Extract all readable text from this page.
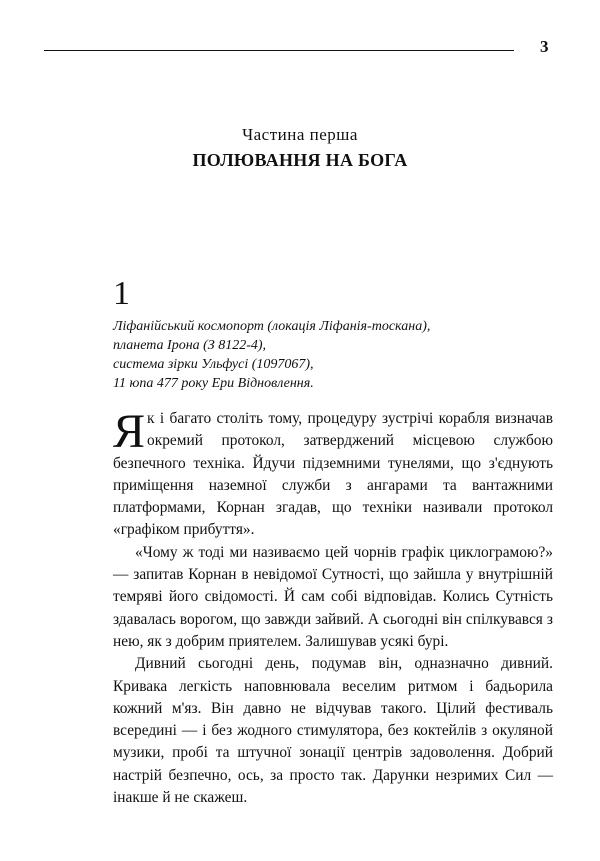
3
Частина перша
ПОЛЮВАННЯ НА БОГА
1
Ліфанійський космопорт (локація Ліфанія-тоскана),
планета Ірона (З 8122-4),
система зірки Ульфусі (1097067),
11 юпа 477 року Ери Відновлення.

Як і багато століть тому, процедуру зустрічі корабля визначав окремий протокол, затверджений місцевою службою безпечного техніка. Йдучи підземними тунелями, що з'єднують приміщення наземної служби з ангарами та вантажними платформами, Корнан згадав, що техніки називали протокол «графіком прибуття».

«Чому ж тоді ми називаємо цей чорнів графік циклограмою?» — запитав Корнан в невідомої Сутності, що зайшла у внутрішній темряві його свідомості. Й сам собі відповідав. Колись Сутність здавалась ворогом, що завжди зайвий. А сьогодні він спілкувався з нею, як з добрим приятелем. Залишував усякі бурі.

Дивний сьогодні день, подумав він, одназначно дивний. Кривака легкість наповнювала веселим ритмом і бадьорила кожний м'яз. Він давно не відчував такого. Цілий фестиваль всередині — і без жодного стимулятора, без коктейлів з окуляной музики, пробі та штучної зонації центрів задоволення. Добрий настрій безпечно, ось, за просто так. Дарунки незримих Сил — інакше й не скажеш.
